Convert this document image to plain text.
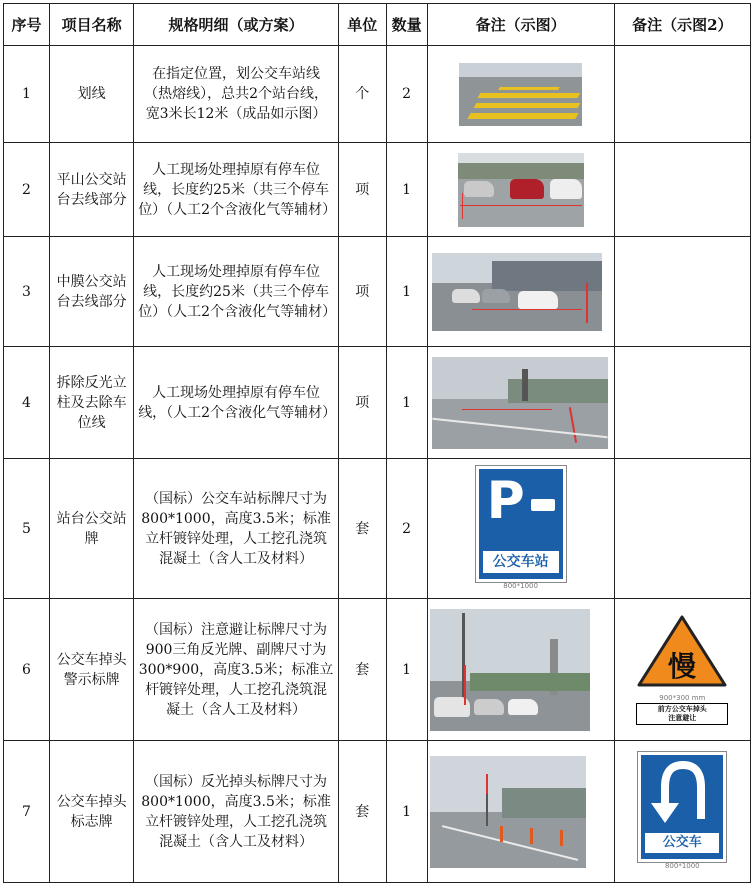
序号	项目名称	规格明细（或方案）	单位	数量	备注（示图）	备注（示图2）
1	划线	在指定位置，划公交车站线（热熔线），总共2个站台线，宽3米长12米（成品如示图）	个	2	

2	平山公交站台去线部分	人工现场处理掉原有停车位线，长度约25米（共三个停车位）（人工2个含液化气等辅材）	项	1	

3	中膜公交站台去线部分	人工现场处理掉原有停车位线，长度约25米（共三个停车位）（人工2个含液化气等辅材）	项	1	

4	拆除反光立柱及去除车位线	人工现场处理掉原有停车位线，（人工2个含液化气等辅材）	项	1	

5	站台公交站牌	（国标）公交车站标牌尺寸为800*1000，高度3.5米；标准立杆镀锌处理，人工挖孔浇筑混凝土（含人工及材料）	套	2	P
公交车站
800*1000	

6	公交车掉头警示标牌	（国标）注意避让标牌尺寸为900三角反光牌、副牌尺寸为300*900，高度3.5米；标准立杆镀锌处理，人工挖孔浇筑混凝土（含人工及材料）	套	1		慢
900*300 mm
前方公交车掉头
注意避让

7	公交车掉头标志牌	（国标）反光掉头标牌尺寸为800*1000，高度3.5米；标准立杆镀锌处理，人工挖孔浇筑混凝土（含人工及材料）	套	1		公交车
800*1000
